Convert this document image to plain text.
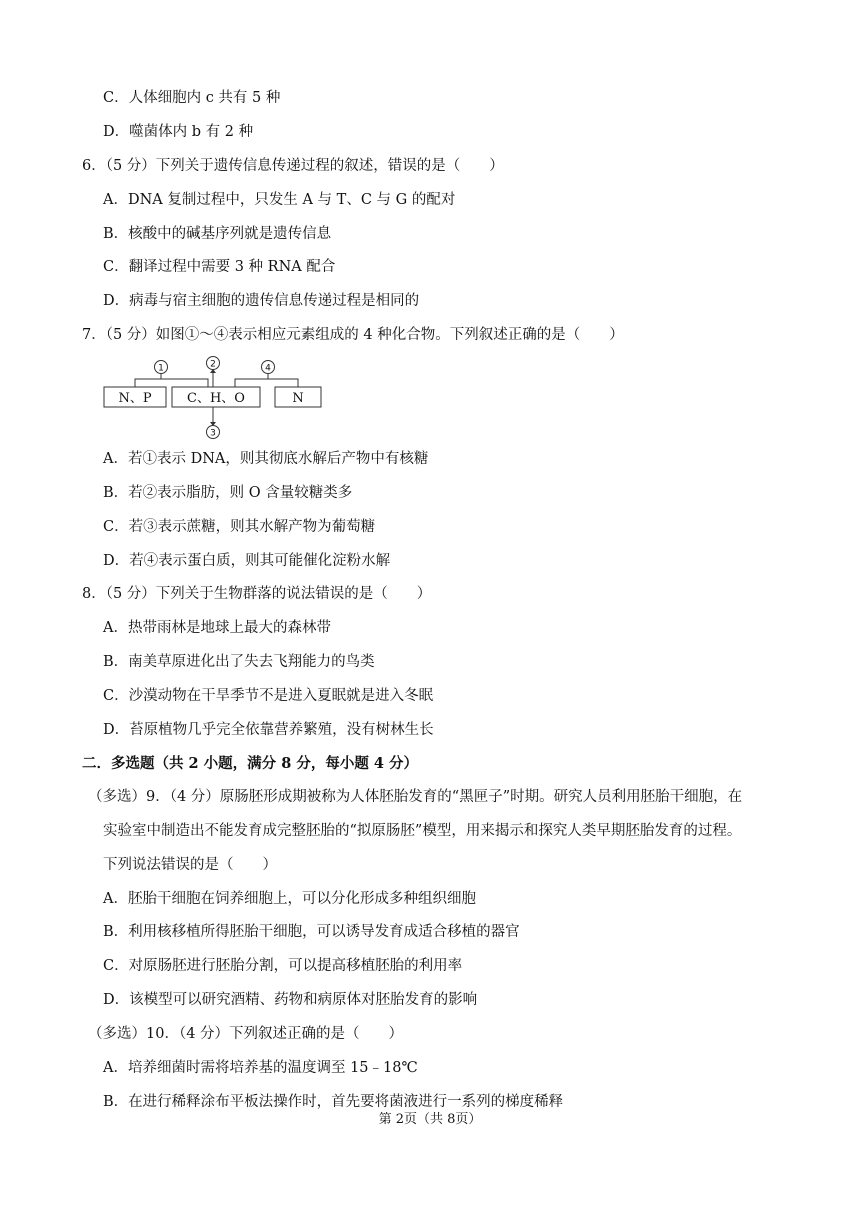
C．人体细胞内 c 共有 5 种
D．噬菌体内 b 有 2 种
6．（5 分）下列关于遗传信息传递过程的叙述，错误的是（　　）
A．DNA 复制过程中，只发生 A 与 T、C 与 G 的配对
B．核酸中的碱基序列就是遗传信息
C．翻译过程中需要 3 种 RNA 配合
D．病毒与宿主细胞的遗传信息传递过程是相同的
7．（5 分）如图①～④表示相应元素组成的 4 种化合物。下列叙述正确的是（　　）
N、P	C、H、O	N
1	2
3
4
A．若①表示 DNA，则其彻底水解后产物中有核糖
B．若②表示脂肪，则 O 含量较糖类多
C．若③表示蔗糖，则其水解产物为葡萄糖
D．若④表示蛋白质，则其可能催化淀粉水解
8．（5 分）下列关于生物群落的说法错误的是（　　）
A．热带雨林是地球上最大的森林带
B．南美草原进化出了失去飞翔能力的鸟类
C．沙漠动物在干旱季节不是进入夏眠就是进入冬眠
D．苔原植物几乎完全依靠营养繁殖，没有树林生长
二．多选题（共 2 小题，满分 8 分，每小题 4 分）
（多选）9．（4 分）原肠胚形成期被称为人体胚胎发育的“黑匣子”时期。研究人员利用胚胎干细胞，在
实验室中制造出不能发育成完整胚胎的“拟原肠胚”模型，用来揭示和探究人类早期胚胎发育的过程。
下列说法错误的是（　　）
A．胚胎干细胞在饲养细胞上，可以分化形成多种组织细胞
B．利用核移植所得胚胎干细胞，可以诱导发育成适合移植的器官
C．对原肠胚进行胚胎分割，可以提高移植胚胎的利用率
D．该模型可以研究酒精、药物和病原体对胚胎发育的影响
（多选）10．（4 分）下列叙述正确的是（　　）
A．培养细菌时需将培养基的温度调至 15﹣18℃
B．在进行稀释涂布平板法操作时，首先要将菌液进行一系列的梯度稀释
第 2页（共 8页）
